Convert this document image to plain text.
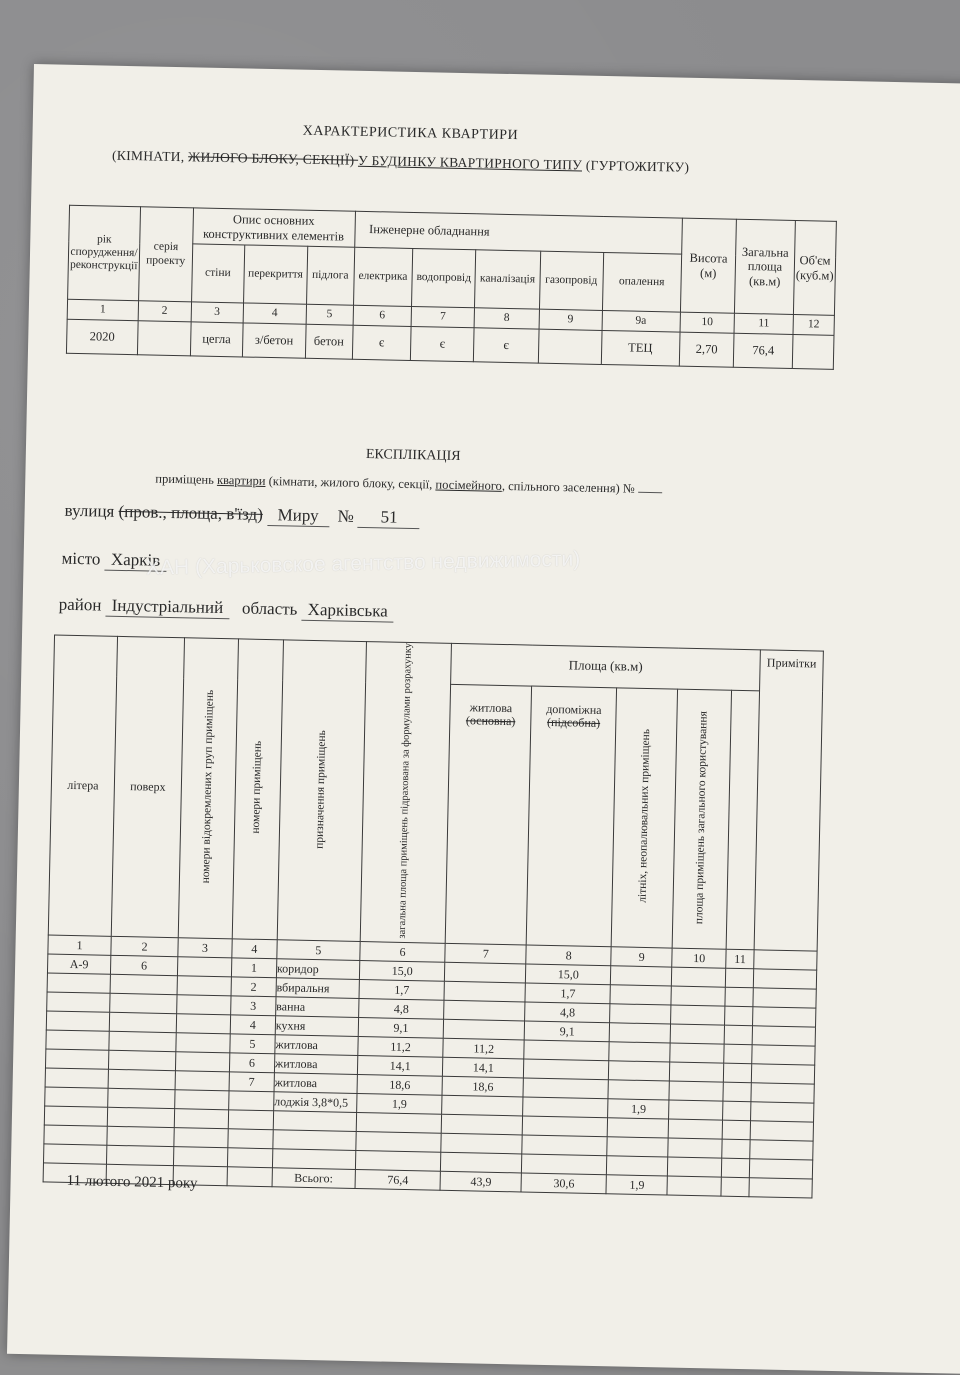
ХАРАКТЕРИСТИКА КВАРТИРИ
(КІМНАТИ, ЖИЛОГО БЛОКУ, СЕКЦІЇ) У БУДИНКУ КВАРТИРНОГО ТИПУ (ГУРТОЖИТКУ)
рік спорудження/ реконструкції	серія проекту	Опис основних конструктивних елементів			Інженерне обладнання					Висота (м)	Загальна площа (кв.м)	Об'єм (куб.м)
		стіни	перекриття	підлога	електрика	водопровід	каналізація	газопровід	опалення			
1	2	3	4	5	6	7	8	9	9а	10	11	12
2020		цегла	з/бетон	бетон	є	є	є		ТЕЦ	2,70	76,4	
ЕКСПЛІКАЦІЯ
приміщень квартири (кімнати, жилого блоку, секції, посімейного, спільного заселення) №
вулиця (пров., площа, в'їзд) Миру № 51
місто Харків
район Індустріальний область Харківська
літера	поверх	номери відокремлених груп приміщень	номери приміщень	призначення приміщень	загальна площа приміщень підрахована за формулами розрахунку	Площа (кв.м)					Примітки
						житлова
(основна)	допоміжна
(підсобна)	літніх, неопалювальних приміщень	площа приміщень загального користування		
1	2	3	4	5	6	7	8	9	10	11	
А-9	6		1	коридор	15,0		15,0				
			2	вбиральня	1,7		1,7				
			3	ванна	4,8		4,8				
			4	кухня	9,1		9,1				
			5	житлова	11,2	11,2					
			6	житлова	14,1	14,1					
			7	житлова	18,6	18,6					
				лоджія 3,8*0,5	1,9			1,9			

				Всього:	76,4	43,9	30,6	1,9			
11 лютого 2021 року
ХАН (Харьковское агентство недвижимости)
